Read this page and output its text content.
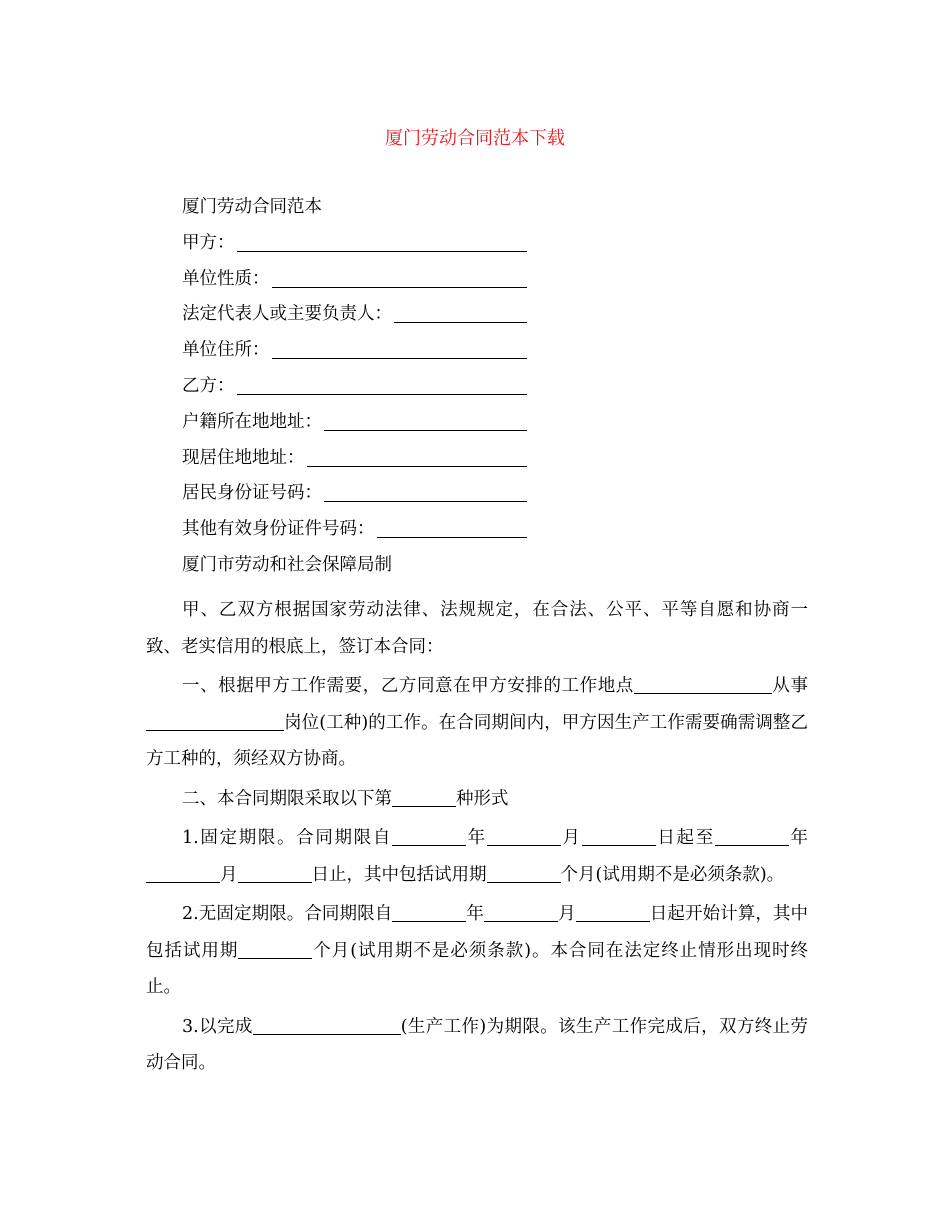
厦门劳动合同范本下载
厦门劳动合同范本
甲方：
单位性质：
法定代表人或主要负责人：
单位住所：
乙方：
户籍所在地地址：
现居住地地址：
居民身份证号码：
其他有效身份证件号码：
厦门市劳动和社会保障局制

甲、乙双方根据国家劳动法律、法规规定，在合法、公平、平等自愿和协商一致、老实信用的根底上，签订本合同：

一、根据甲方工作需要，乙方同意在甲方安排的工作地点	从事岗位(工种)的工作。在合同期间内，甲方因生产工作需要确需调整乙方工种的，须经双方协商。

二、本合同期限采取以下第	种形式

1.固定期限。合同期限自	年	月	日起至	年月	日止，其中包括试用期	个月(试用期不是必须条款)。

2.无固定期限。合同期限自	年	月	日起开始计算，其中包括试用期	个月(试用期不是必须条款)。本合同在法定终止情形出现时终止。

3.以完成	(生产工作)为期限。该生产工作完成后，双方终止劳动合同。
